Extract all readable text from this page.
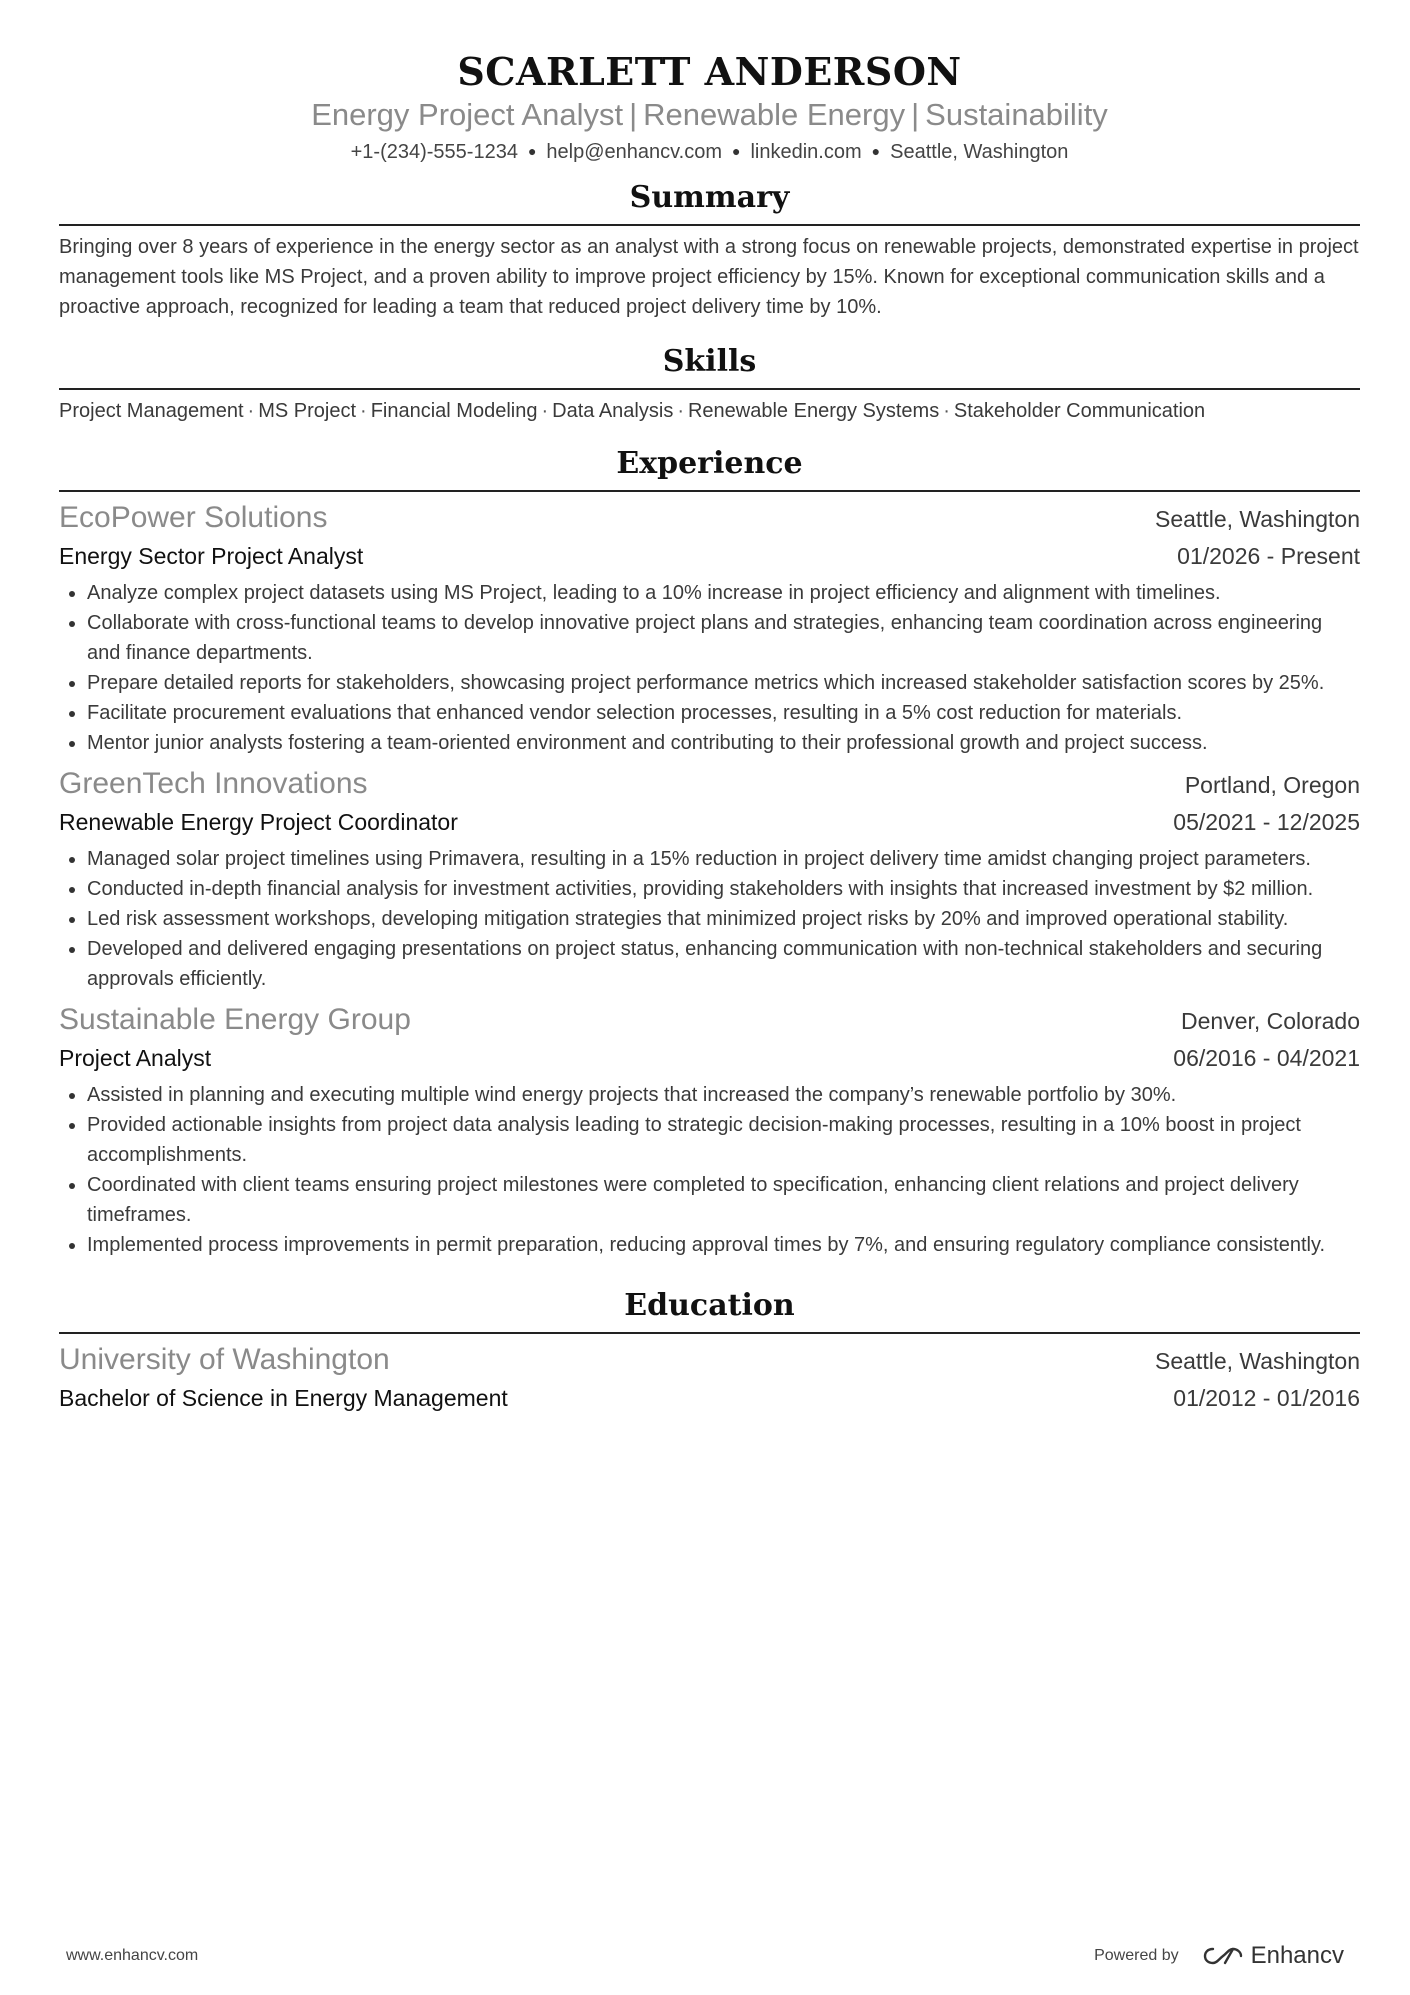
SCARLETT ANDERSON
Energy Project Analyst | Renewable Energy | Sustainability
+1-(234)-555-1234 ● help@enhancv.com ● linkedin.com ● Seattle, Washington
Summary
Bringing over 8 years of experience in the energy sector as an analyst with a strong focus on renewable projects, demonstrated expertise in project management tools like MS Project, and a proven ability to improve project efficiency by 15%. Known for exceptional communication skills and a proactive approach, recognized for leading a team that reduced project delivery time by 10%.
Skills
Project Management · MS Project · Financial Modeling · Data Analysis · Renewable Energy Systems · Stakeholder Communication
Experience
EcoPower Solutions	Seattle, Washington
Energy Sector Project Analyst	01/2026 - Present
Analyze complex project datasets using MS Project, leading to a 10% increase in project efficiency and alignment with timelines.
Collaborate with cross-functional teams to develop innovative project plans and strategies, enhancing team coordination across engineering and finance departments.
Prepare detailed reports for stakeholders, showcasing project performance metrics which increased stakeholder satisfaction scores by 25%.
Facilitate procurement evaluations that enhanced vendor selection processes, resulting in a 5% cost reduction for materials.
Mentor junior analysts fostering a team-oriented environment and contributing to their professional growth and project success.
GreenTech Innovations	Portland, Oregon
Renewable Energy Project Coordinator	05/2021 - 12/2025
Managed solar project timelines using Primavera, resulting in a 15% reduction in project delivery time amidst changing project parameters.
Conducted in-depth financial analysis for investment activities, providing stakeholders with insights that increased investment by $2 million.
Led risk assessment workshops, developing mitigation strategies that minimized project risks by 20% and improved operational stability.
Developed and delivered engaging presentations on project status, enhancing communication with non-technical stakeholders and securing approvals efficiently.
Sustainable Energy Group	Denver, Colorado
Project Analyst	06/2016 - 04/2021
Assisted in planning and executing multiple wind energy projects that increased the company’s renewable portfolio by 30%.
Provided actionable insights from project data analysis leading to strategic decision-making processes, resulting in a 10% boost in project accomplishments.
Coordinated with client teams ensuring project milestones were completed to specification, enhancing client relations and project delivery timeframes.
Implemented process improvements in permit preparation, reducing approval times by 7%, and ensuring regulatory compliance consistently.
Education
University of Washington	Seattle, Washington
Bachelor of Science in Energy Management	01/2012 - 01/2016
www.enhancv.com	Powered by	Enhancv
